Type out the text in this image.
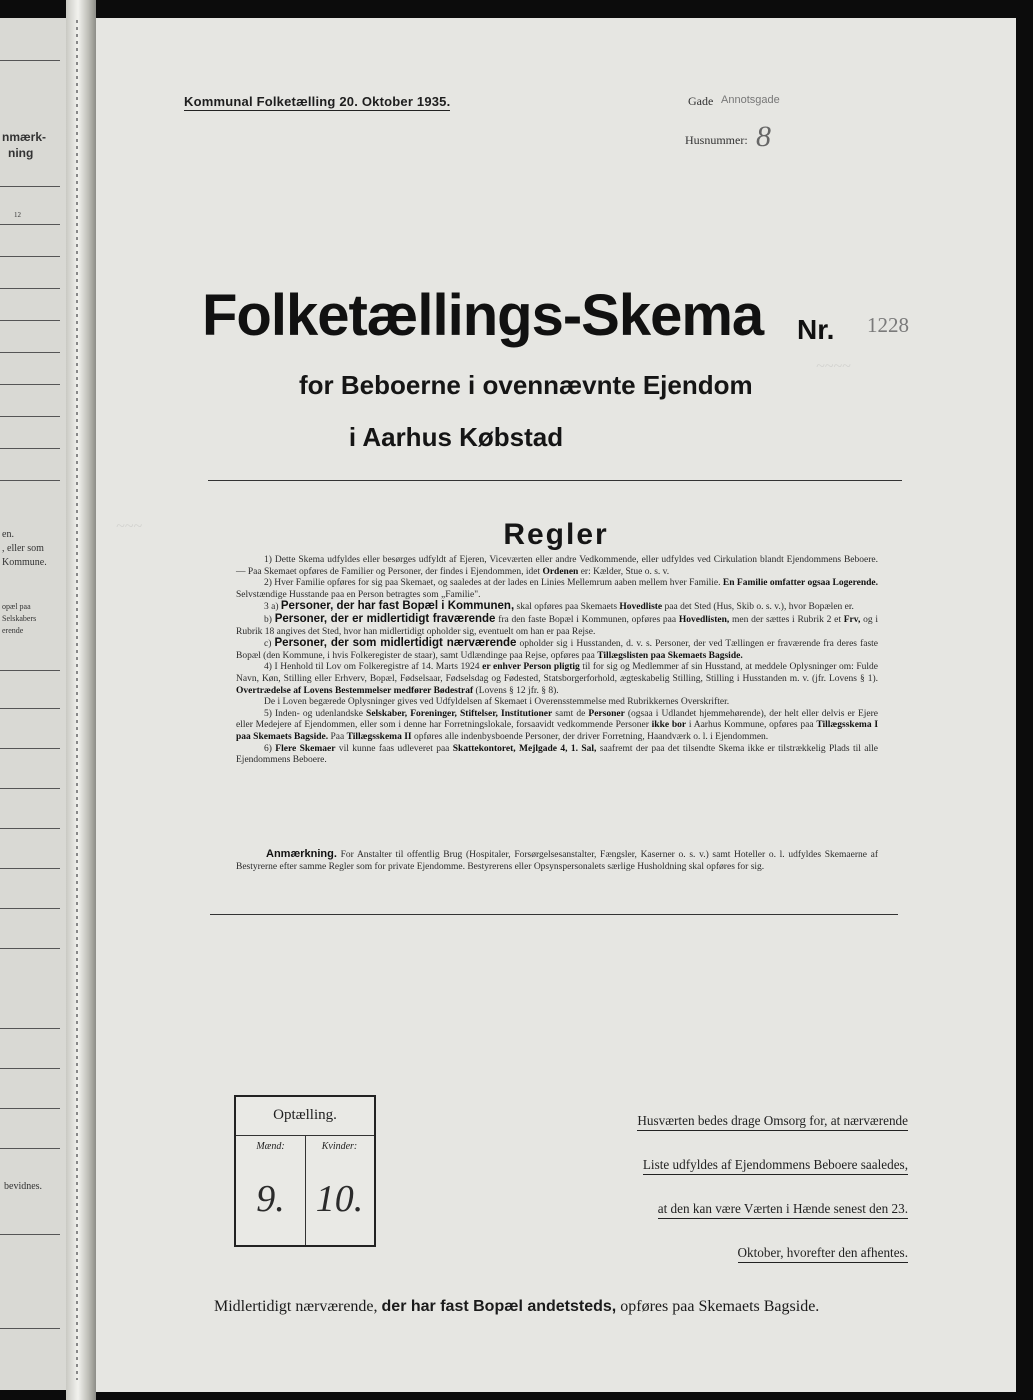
nmærk-
ning
12
en.
, eller som
Kommune.
opæl paa
Selskabers
erende
bevidnes.
~~~~
~~~
Kommunal Folketælling 20. Oktober 1935.	Gade Annotsgade
Husnummer: 8
Folketællings-Skema Nr. 1228
for Beboerne i ovennævnte Ejendom
i Aarhus Købstad
Regler

1) Dette Skema udfyldes eller besørges udfyldt af Ejeren, Viceværten eller andre Vedkommende, eller udfyldes ved Cirkulation blandt Ejendommens Beboere. — Paa Skemaet opføres de Familier og Personer, der findes i Ejendommen, idet Ordenen er: Kælder, Stue o. s. v.

2) Hver Familie opføres for sig paa Skemaet, og saaledes at der lades en Linies Mellemrum aaben mellem hver Familie. En Familie omfatter ogsaa Logerende. Selvstændige Husstande paa en Person betragtes som „Familie".

3 a) Personer, der har fast Bopæl i Kommunen, skal opføres paa Skemaets Hovedliste paa det Sted (Hus, Skib o. s. v.), hvor Bopælen er.

b) Personer, der er midlertidigt fraværende fra den faste Bopæl i Kommunen, opføres paa Hovedlisten, men der sættes i Rubrik 2 et Frv, og i Rubrik 18 angives det Sted, hvor han midlertidigt opholder sig, eventuelt om han er paa Rejse.

c) Personer, der som midlertidigt nærværende opholder sig i Husstanden, d. v. s. Personer, der ved Tællingen er fraværende fra deres faste Bopæl (den Kommune, i hvis Folkeregister de staar), samt Udlændinge paa Rejse, opføres paa Tillægslisten paa Skemaets Bagside.

4) I Henhold til Lov om Folkeregistre af 14. Marts 1924 er enhver Person pligtig til for sig og Medlemmer af sin Husstand, at meddele Oplysninger om: Fulde Navn, Køn, Stilling eller Erhverv, Bopæl, Fødselsaar, Fødselsdag og Fødested, Statsborgerforhold, ægteskabelig Stilling, Stilling i Husstanden m. v. (jfr. Lovens § 1). Overtrædelse af Lovens Bestemmelser medfører Bødestraf (Lovens § 12 jfr. § 8).

De i Loven begærede Oplysninger gives ved Udfyldelsen af Skemaet i Overensstemmelse med Rubrikkernes Overskrifter.

5) Inden- og udenlandske Selskaber, Foreninger, Stiftelser, Institutioner samt de Personer (ogsaa i Udlandet hjemmehørende), der helt eller delvis er Ejere eller Medejere af Ejendommen, eller som i denne har Forretningslokale, forsaavidt vedkommende Personer ikke bor i Aarhus Kommune, opføres paa Tillægsskema I paa Skemaets Bagside. Paa Tillægsskema II opføres alle indenbysboende Personer, der driver Forretning, Haandværk o. l. i Ejendommen.

6) Flere Skemaer vil kunne faas udleveret paa Skattekontoret, Mejlgade 4, 1. Sal, saafremt der paa det tilsendte Skema ikke er tilstrækkelig Plads til alle Ejendommens Beboere.

Anmærkning. For Anstalter til offentlig Brug (Hospitaler, Forsørgelsesanstalter, Fængsler, Kaserner o. s. v.) samt Hoteller o. l. udfyldes Skemaerne af Bestyrerne efter samme Regler som for private Ejendomme. Bestyrerens eller Opsynspersonalets særlige Husholdning skal opføres for sig.
Optælling.
Mænd:	Kvinder:
9. 10.
Husværten bedes drage Omsorg for, at nærværende
Liste udfyldes af Ejendommens Beboere saaledes,
at den kan være Værten i Hænde senest den 23.
Oktober, hvorefter den afhentes.
Midlertidigt nærværende, der har fast Bopæl andetsteds, opføres paa Skemaets Bagside.
